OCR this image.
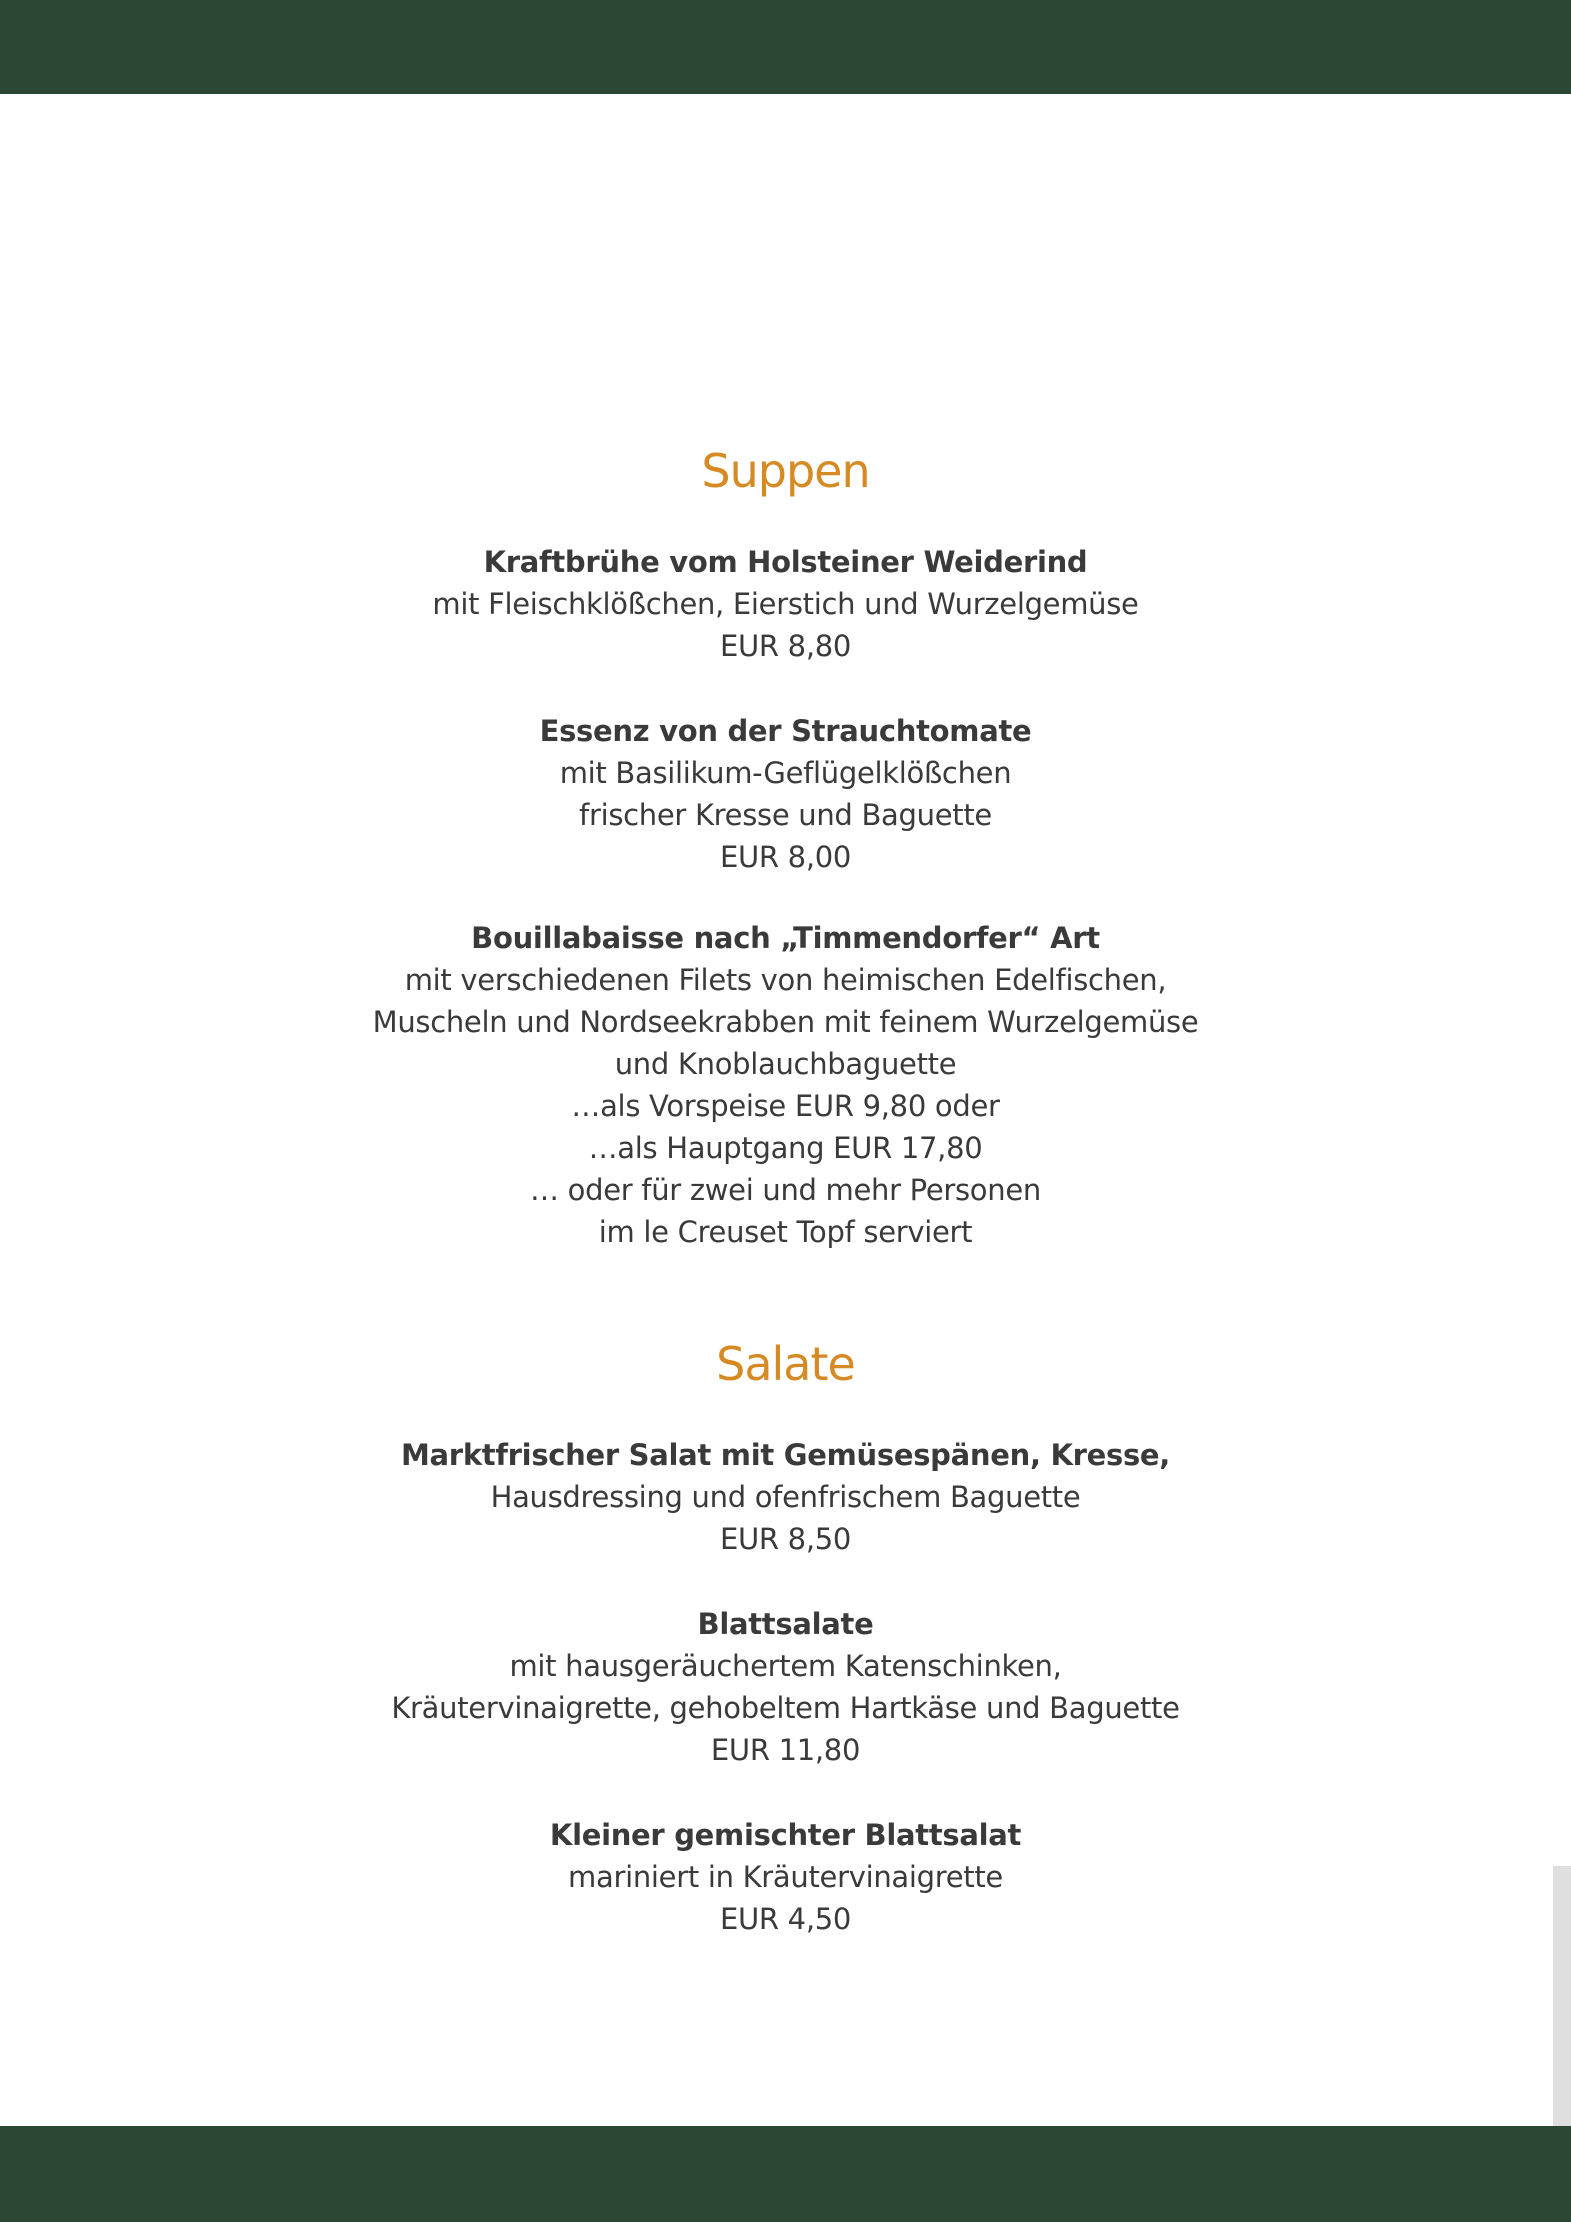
Suppen
Kraftbrühe vom Holsteiner Weiderind
mit Fleischklößchen, Eierstich und Wurzelgemüse
EUR 8,80
Essenz von der Strauchtomate
mit Basilikum-Geflügelklößchen
frischer Kresse und Baguette
EUR 8,00
Bouillabaisse nach „Timmendorfer“ Art
mit verschiedenen Filets von heimischen Edelfischen,
Muscheln und Nordseekrabben mit feinem Wurzelgemüse
und Knoblauchbaguette
…als Vorspeise EUR 9,80 oder
…als Hauptgang EUR 17,80
… oder für zwei und mehr Personen
im le Creuset Topf serviert
Salate
Marktfrischer Salat mit Gemüsespänen, Kresse,
Hausdressing und ofenfrischem Baguette
EUR 8,50
Blattsalate
mit hausgeräuchertem Katenschinken,
Kräutervinaigrette, gehobeltem Hartkäse und Baguette
EUR 11,80
Kleiner gemischter Blattsalat
mariniert in Kräutervinaigrette
EUR 4,50
